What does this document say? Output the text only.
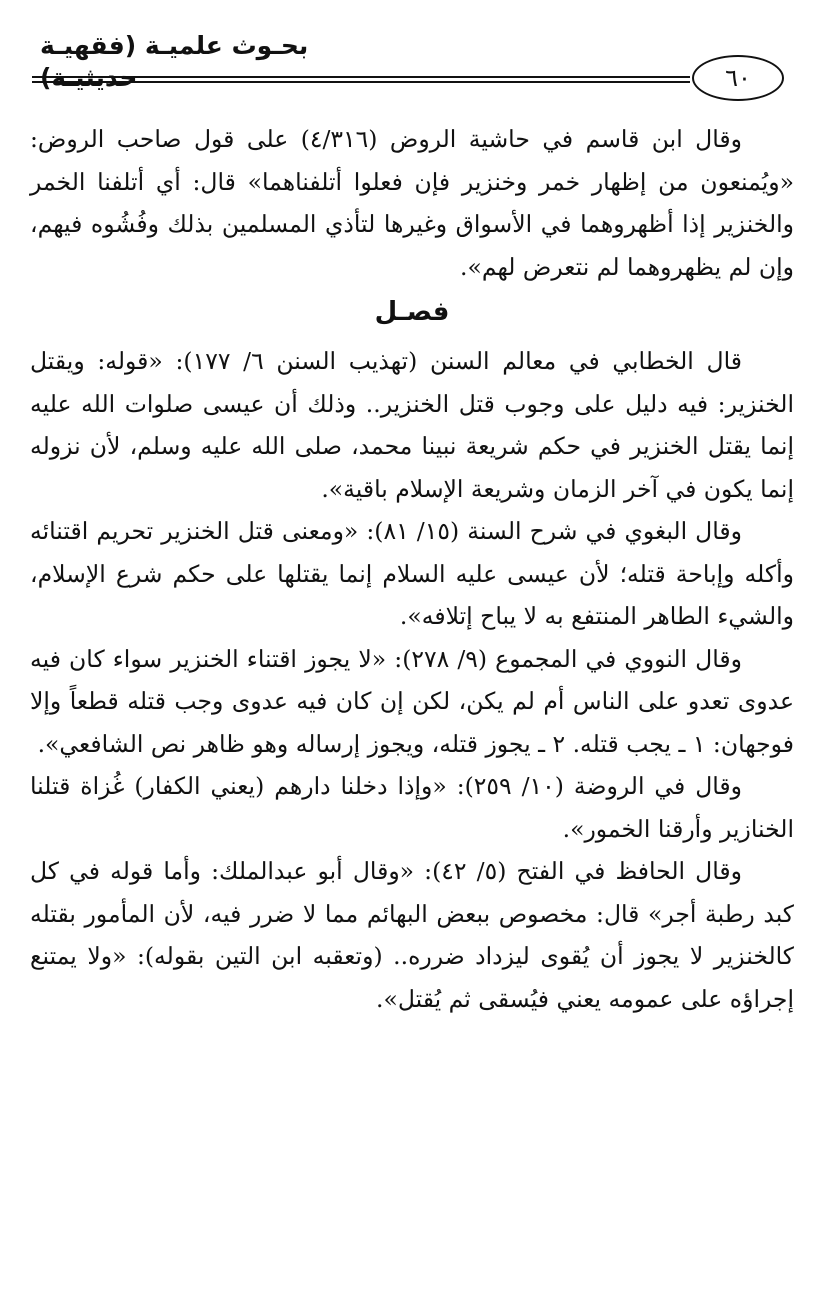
بحـوث علميـة (فقهيـة حديثيـة)	٦٠

وقال ابن قاسم في حاشية الروض (٤/٣١٦) على قول صاحب الروض: «ويُمنعون من إظهار خمر وخنزير فإن فعلوا أتلفناهما» قال: أي أتلفنا الخمر والخنزير إذا أظهروهما في الأسواق وغيرها لتأذي المسلمين بذلك وفُشُوه فيهم، وإن لم يظهروهما لم نتعرض لهم».

فصـل

قال الخطابي في معالم السنن (تهذيب السنن ٦/ ١٧٧): «قوله: ويقتل الخنزير: فيه دليل على وجوب قتل الخنزير.. وذلك أن عيسى صلوات الله عليه إنما يقتل الخنزير في حكم شريعة نبينا محمد، صلى الله عليه وسلم، لأن نزوله إنما يكون في آخر الزمان وشريعة الإسلام باقية».

وقال البغوي في شرح السنة (١٥/ ٨١): «ومعنى قتل الخنزير تحريم اقتنائه وأكله وإباحة قتله؛ لأن عيسى عليه السلام إنما يقتلها على حكم شرع الإسلام، والشيء الطاهر المنتفع به لا يباح إتلافه».

وقال النووي في المجموع (٩/ ٢٧٨): «لا يجوز اقتناء الخنزير سواء كان فيه عدوى تعدو على الناس أم لم يكن، لكن إن كان فيه عدوى وجب قتله قطعاً وإلا فوجهان: ١ ـ يجب قتله. ٢ ـ يجوز قتله، ويجوز إرساله وهو ظاهر نص الشافعي».

وقال في الروضة (١٠/ ٢٥٩): «وإذا دخلنا دارهم (يعني الكفار) غُزاة قتلنا الخنازير وأرقنا الخمور».

وقال الحافظ في الفتح (٥/ ٤٢): «وقال أبو عبدالملك: وأما قوله في كل كبد رطبة أجر» قال: مخصوص ببعض البهائم مما لا ضرر فيه، لأن المأمور بقتله كالخنزير لا يجوز أن يُقوى ليزداد ضرره.. (وتعقبه ابن التين بقوله): «ولا يمتنع إجراؤه على عمومه يعني فيُسقى ثم يُقتل».
